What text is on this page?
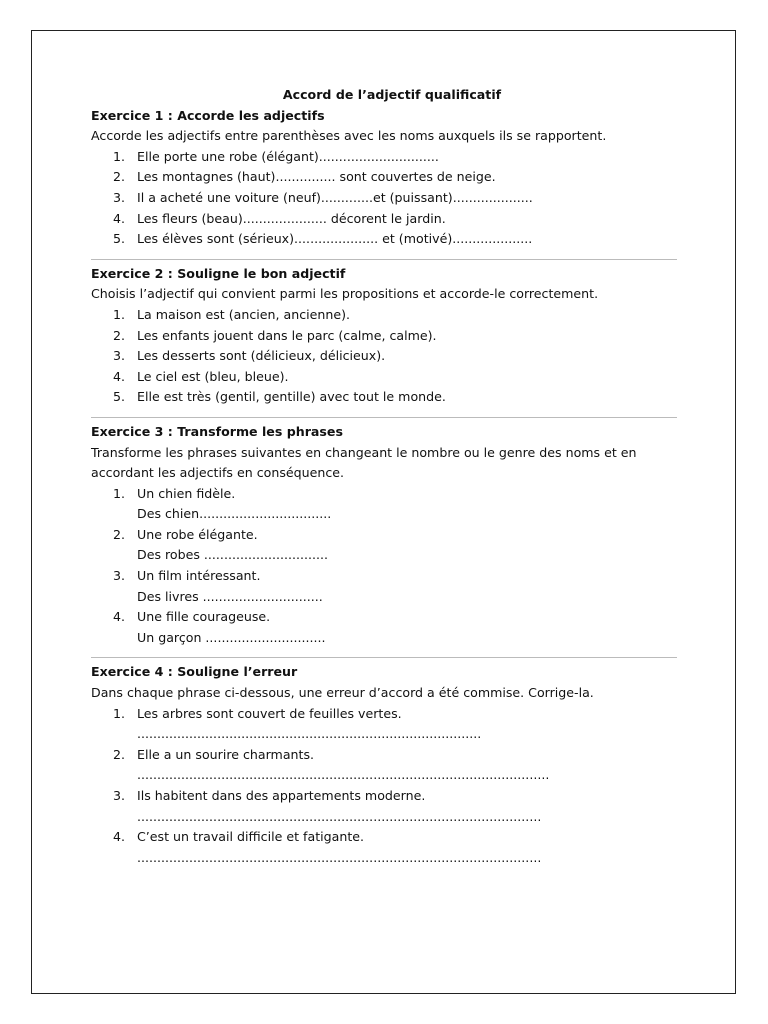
Accord de l’adjectif qualificatif

Exercice 1 : Accorde les adjectifs

Accorde les adjectifs entre parenthèses avec les noms auxquels ils se rapportent.

Elle porte une robe (élégant)..............................
Les montagnes (haut)............... sont couvertes de neige.
Il a acheté une voiture (neuf).............et (puissant)....................
Les fleurs (beau)..................... décorent le jardin.
Les élèves sont (sérieux)..................... et (motivé)....................

Exercice 2 : Souligne le bon adjectif

Choisis l’adjectif qui convient parmi les propositions et accorde-le correctement.

La maison est (ancien, ancienne).
Les enfants jouent dans le parc (calme, calme).
Les desserts sont (délicieux, délicieux).
Le ciel est (bleu, bleue).
Elle est très (gentil, gentille) avec tout le monde.

Exercice 3 : Transforme les phrases

Transforme les phrases suivantes en changeant le nombre ou le genre des noms et en accordant les adjectifs en conséquence.

Un chien fidèle.
Des chien.................................
Une robe élégante.
Des robes ...............................
Un film intéressant.
Des livres ..............................
Une fille courageuse.
Un garçon ..............................

Exercice 4 : Souligne l’erreur

Dans chaque phrase ci-dessous, une erreur d’accord a été commise. Corrige-la.

Les arbres sont couvert de feuilles vertes.
......................................................................................
Elle a un sourire charmants.
.......................................................................................................
Ils habitent dans des appartements moderne.
.....................................................................................................
C’est un travail difficile et fatigante.
.....................................................................................................
